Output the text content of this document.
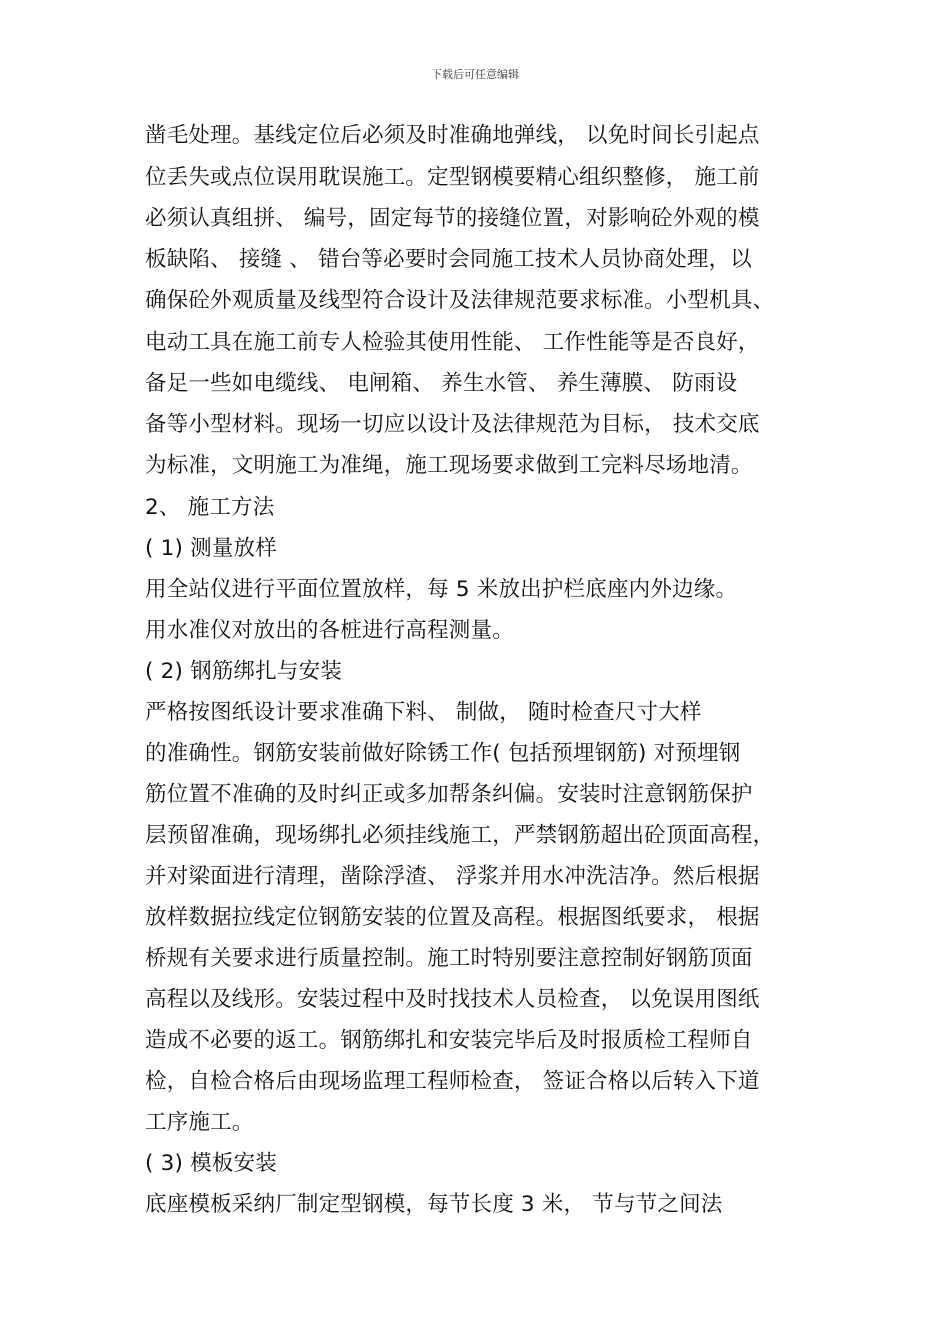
下载后可任意编辑
凿毛处理。基线定位后必须及时准确地弹线， 以免时间长引起点
位丢失或点位误用耽误施工。定型钢模要精心组织整修， 施工前
必须认真组拼、 编号，固定每节的接缝位置，对影响砼外观的模
板缺陷、 接缝 、 错台等必要时会同施工技术人员协商处理，以
确保砼外观质量及线型符合设计及法律规范要求标准。小型机具、
电动工具在施工前专人检验其使用性能、 工作性能等是否良好，
备足一些如电缆线、 电闸箱、 养生水管、 养生薄膜、 防雨设
备等小型材料。现场一切应以设计及法律规范为目标， 技术交底
为标准，文明施工为准绳，施工现场要求做到工完料尽场地清。
2、 施工方法
( 1) 测量放样
用全站仪进行平面位置放样，每 5 米放出护栏底座内外边缘。
用水准仪对放出的各桩进行高程测量。
( 2) 钢筋绑扎与安装
严格按图纸设计要求准确下料、 制做， 随时检查尺寸大样
的准确性。钢筋安装前做好除锈工作( 包括预埋钢筋) 对预埋钢
筋位置不准确的及时纠正或多加帮条纠偏。安装时注意钢筋保护
层预留准确，现场绑扎必须挂线施工，严禁钢筋超出砼顶面高程，
并对梁面进行清理，凿除浮渣、 浮浆并用水冲洗洁净。然后根据
放样数据拉线定位钢筋安装的位置及高程。根据图纸要求， 根据
桥规有关要求进行质量控制。施工时特别要注意控制好钢筋顶面
高程以及线形。安装过程中及时找技术人员检查， 以免误用图纸
造成不必要的返工。钢筋绑扎和安装完毕后及时报质检工程师自
检，自检合格后由现场监理工程师检查， 签证合格以后转入下道
工序施工。
( 3) 模板安装
底座模板采纳厂制定型钢模，每节长度 3 米， 节与节之间法
